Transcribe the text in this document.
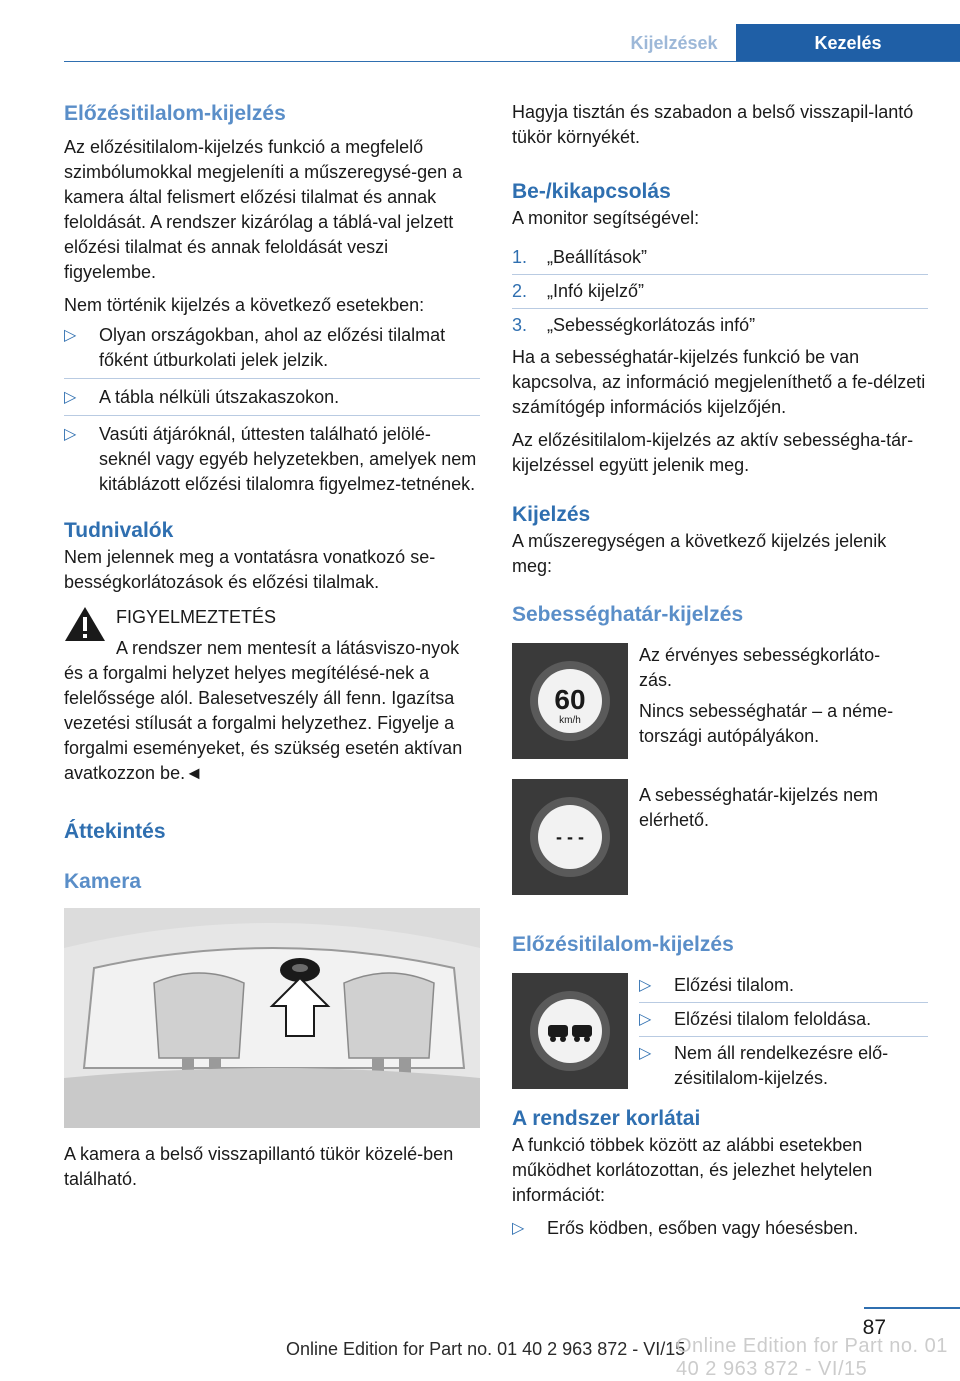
Kijelzések	Kezelés
Előzésitilalom-kijelzés

Az előzésitilalom-kijelzés funkció a megfelelő szimbólumokkal megjeleníti a műszeregysé-gen a kamera által felismert előzési tilalmat és annak feloldását. A rendszer kizárólag a táblá-val jelzett előzési tilalmat és annak feloldását veszi figyelembe.

Nem történik kijelzés a következő esetekben:

▷ Olyan országokban, ahol az előzési tilalmat főként útburkolati jelek jelzik.
▷ A tábla nélküli útszakaszokon.
▷ Vasúti átjáróknál, úttesten található jelölé-seknél vagy egyéb helyzetekben, amelyek nem kitáblázott előzési tilalomra figyelmez-tetnének.
Tudnivalók

Nem jelennek meg a vontatásra vonatkozó se-bességkorlátozások és előzési tilalmak.

FIGYELMEZTETÉS

A rendszer nem mentesít a látásviszo-nyok és a forgalmi helyzet helyes megítélésé-nek a felelőssége alól. Balesetveszély áll fenn. Igazítsa vezetési stílusát a forgalmi helyzethez. Figyelje a forgalmi eseményeket, és szükség esetén aktívan avatkozzon be.◄

Áttekintés
Kamera

A kamera a belső visszapillantó tükör közelé-ben található.

Hagyja tisztán és szabadon a belső visszapil-lantó tükör környékét.

Be-/kikapcsolás

A monitor segítségével:

1. „Beállítások”
2. „Infó kijelző”
3. „Sebességkorlátozás infó”

Ha a sebességhatár-kijelzés funkció be van kapcsolva, az információ megjeleníthető a fe-délzeti számítógép információs kijelzőjén.

Az előzésitilalom-kijelzés az aktív sebességha-tár-kijelzéssel együtt jelenik meg.

Kijelzés

A műszeregységen a következő kijelzés jelenik meg:

Sebességhatár-kijelzés
60
km/h

Az érvényes sebességkorláto-

zás.

Nincs sebességhatár – a néme-tországi autópályákon.

- - -

A sebességhatár-kijelzés nem elérhető.

Előzésitilalom-kijelzés
▷ Előzési tilalom.
▷ Előzési tilalom feloldása.
▷ Nem áll rendelkezésre elő-zésitilalom-kijelzés.
A rendszer korlátai

A funkció többek között az alábbi esetekben működhet korlátozottan, és jelezhet helytelen információt:

▷ Erős ködben, esőben vagy hóesésben.
87
Online Edition for Part no. 01 40 2 963 872 - VI/15
Online Edition for Part no. 01 40 2 963 872 - VI/15
